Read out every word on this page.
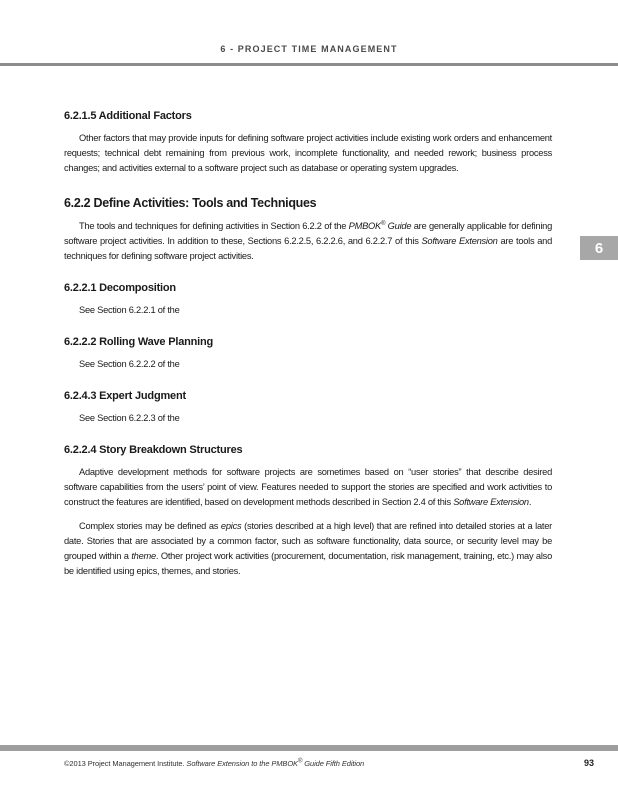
6 - PROJECT TIME MANAGEMENT
6
6.2.1.5 Additional Factors

Other factors that may provide inputs for defining software project activities include existing work orders and enhancement requests; technical debt remaining from previous work, incomplete functionality, and needed rework; business process changes; and activities external to a software project such as database or operating system upgrades.

6.2.2 Define Activities: Tools and Techniques

The tools and techniques for defining activities in Section 6.2.2 of the PMBOK® Guide are generally applicable for defining software project activities. In addition to these, Sections 6.2.2.5, 6.2.2.6, and 6.2.2.7 of this Software Extension are tools and techniques for defining software project activities.

6.2.2.1 Decomposition

See Section 6.2.2.1 of the

6.2.2.2 Rolling Wave Planning

See Section 6.2.2.2 of the

6.2.4.3 Expert Judgment

See Section 6.2.2.3 of the

6.2.2.4 Story Breakdown Structures

Adaptive development methods for software projects are sometimes based on “user stories” that describe desired software capabilities from the users’ point of view. Features needed to support the stories are specified and work activities to construct the features are identified, based on development methods described in Section 2.4 of this Software Extension.

Complex stories may be defined as epics (stories described at a high level) that are refined into detailed stories at a later date. Stories that are associated by a common factor, such as software functionality, data source, or security level may be grouped within a theme. Other project work activities (procurement, documentation, risk management, training, etc.) may also be identified using epics, themes, and stories.

©2013 Project Management Institute. Software Extension to the PMBOK® Guide Fifth Edition	93
